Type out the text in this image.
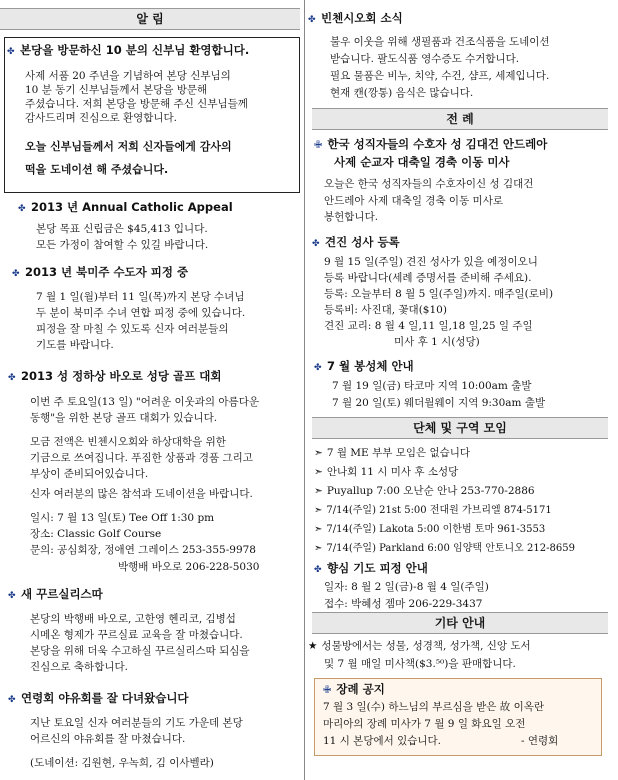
알 림
✤ 본당을 방문하신 10 분의 신부님 환영합니다.
사제 서품 20 주년을 기념하여 본당 신부님의
10 분 동기 신부님들께서 본당을 방문해
주셨습니다. 저희 본당을 방문해 주신 신부님들께
감사드리며 진심으로 환영합니다.
오늘 신부님들께서 저희 신자들에게 감사의
떡을 도네이션 해 주셨습니다.
✤ 2013 년 Annual Catholic Appeal
본당 목표 신립금은 $45,413 입니다.
모든 가정이 참여할 수 있길 바랍니다.
✤ 2013 년 북미주 수도자 피정 중
7 월 1 일(월)부터 11 일(목)까지 본당 수녀님
두 분이 북미주 수녀 연합 피정 중에 있습니다.
피정을 잘 마칠 수 있도록 신자 여러분들의
기도를 바랍니다.
✤ 2013 성 정하상 바오로 성당 골프 대회
이번 주 토요일(13 일) "어려운 이웃과의 아름다운
동행"을 위한 본당 골프 대회가 있습니다.
모금 전액은 빈첸시오회와 하상대학을 위한
기금으로 쓰여집니다. 푸짐한 상품과 경품 그리고
부상이 준비되어있습니다.
신자 여러분의 많은 참석과 도네이션을 바랍니다.
일시: 7 월 13 일(토) Tee Off 1:30 pm
장소: Classic Golf Course
문의: 공심회장, 정애연 그레이스 253-355-9978
박행배 바오로 206-228-5030
✤ 새 꾸르실리스따
본당의 박행배 바오로, 고한영 헨리코, 김병섭
시메온 형제가 꾸르실료 교육을 잘 마쳤습니다.
본당을 위해 더욱 수고하실 꾸르실리스따 되심을
진심으로 축하합니다.
✤ 연령회 야유회를 잘 다녀왔습니다
지난 토요일 신자 여러분들의 기도 가운데 본당
어르신의 야유회를 잘 마쳤습니다.
(도네이션: 김원현, 우녹희, 김 이사벨라)
✤ 빈첸시오회 소식
불우 이웃을 위해 생필품과 건조식품을 도네이션
받습니다. 팔도식품 영수증도 수거합니다.
필요 물품은 비누, 치약, 수건, 샴프, 세제입니다.
현재 캔(깡통) 음식은 많습니다.
전 례
✙ 한국 성직자들의 수호자 성 김대건 안드레아
사제 순교자 대축일 경축 이동 미사
오늘은 한국 성직자들의 수호자이신 성 김대건
안드레아 사제 대축일 경축 이동 미사로
봉헌합니다.
✤ 견진 성사 등록
9 월 15 일(주일) 견진 성사가 있을 예정이오니
등록 바랍니다(세례 증명서를 준비해 주세요).
등록: 오늘부터 8 월 5 일(주일)까지. 매주일(로비)
등록비: 사진대, 꽃대($10)
견진 교리: 8 월 4 일,11 일,18 일,25 일 주일
미사 후 1 시(성당)
✤ 7 월 봉성체 안내
7 월 19 일(금) 타코마 지역 10:00am 출발
7 월 20 일(토) 웨더월웨이 지역 9:30am 출발
단체 및 구역 모임
➣ 7 월 ME 부부 모임은 없습니다
➣ 안나회 11 시 미사 후 소성당
➣ Puyallup 7:00 오난순 안나 253-770-2886
➣ 7/14(주일) 21st 5:00 전대원 가브리엘 874-5171
➣ 7/14(주일) Lakota 5:00 이한범 토마 961-3553
➣ 7/14(주일) Parkland 6:00 임양택 안토니오 212-8659
✤ 향심 기도 피정 안내
일자: 8 월 2 일(금)-8 월 4 일(주일)
접수: 박혜성 젬마 206-229-3437
기타 안내
★ 성물방에서는 성물, 성경책, 성가책, 신앙 도서
및 7 월 매일 미사책($3.⁵⁰)을 판매합니다.
✙ 장례 공지
7 월 3 일(수) 하느님의 부르심을 받은 故 이옥란
마리아의 장례 미사가 7 월 9 일 화요일 오전
11 시 본당에서 있습니다.	- 연령회
